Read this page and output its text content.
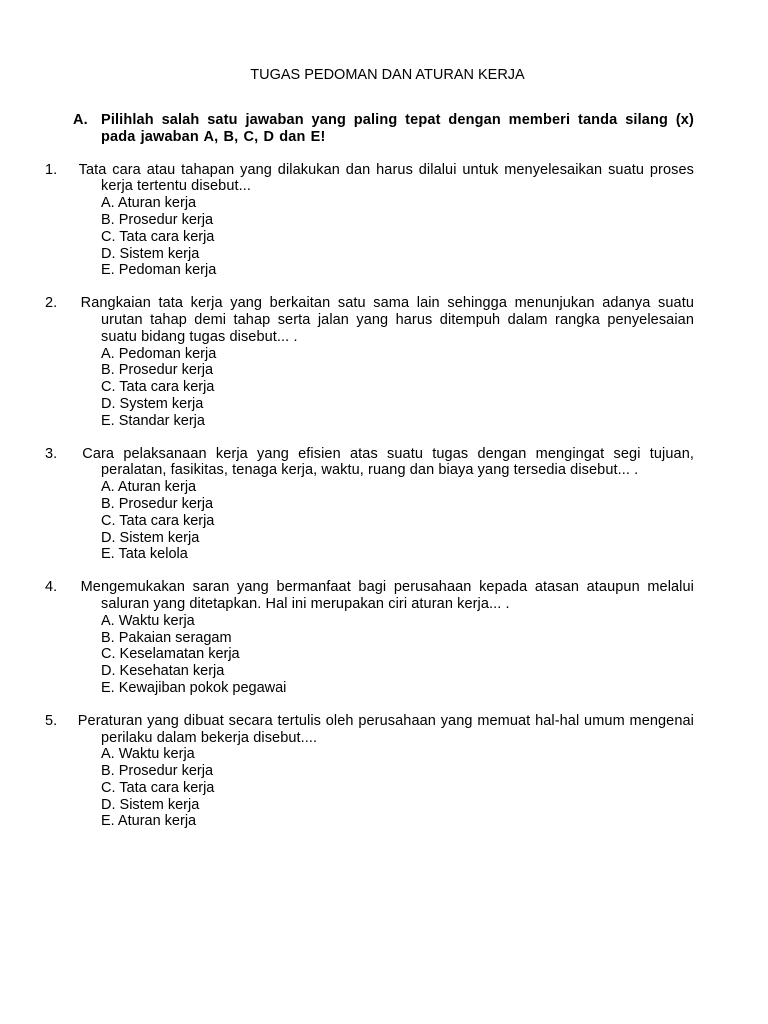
TUGAS PEDOMAN DAN ATURAN KERJA
A. Pilihlah salah satu jawaban yang paling tepat dengan memberi tanda silang (x) pada jawaban A, B, C, D dan E!
1. Tata cara atau tahapan yang dilakukan dan harus dilalui untuk menyelesaikan suatu proses kerja tertentu disebut...
A. Aturan kerja
B. Prosedur kerja
C. Tata cara kerja
D. Sistem kerja
E. Pedoman kerja
2. Rangkaian tata kerja yang berkaitan satu sama lain sehingga menunjukan adanya suatu urutan tahap demi tahap serta jalan yang harus ditempuh dalam rangka penyelesaian suatu bidang tugas disebut... .
A. Pedoman kerja
B. Prosedur kerja
C. Tata cara kerja
D. System kerja
E. Standar kerja
3. Cara pelaksanaan kerja yang efisien atas suatu tugas dengan mengingat segi tujuan, peralatan, fasikitas, tenaga kerja, waktu, ruang dan biaya yang tersedia disebut... .
A. Aturan kerja
B. Prosedur kerja
C. Tata cara kerja
D. Sistem kerja
E. Tata kelola
4. Mengemukakan saran yang bermanfaat bagi perusahaan kepada atasan ataupun melalui saluran yang ditetapkan. Hal ini merupakan ciri aturan kerja... .
A. Waktu kerja
B. Pakaian seragam
C. Keselamatan kerja
D. Kesehatan kerja
E. Kewajiban pokok pegawai
5. Peraturan yang dibuat secara tertulis oleh perusahaan yang memuat hal-hal umum mengenai perilaku dalam bekerja disebut....
A. Waktu kerja
B. Prosedur kerja
C. Tata cara kerja
D. Sistem kerja
E. Aturan kerja
